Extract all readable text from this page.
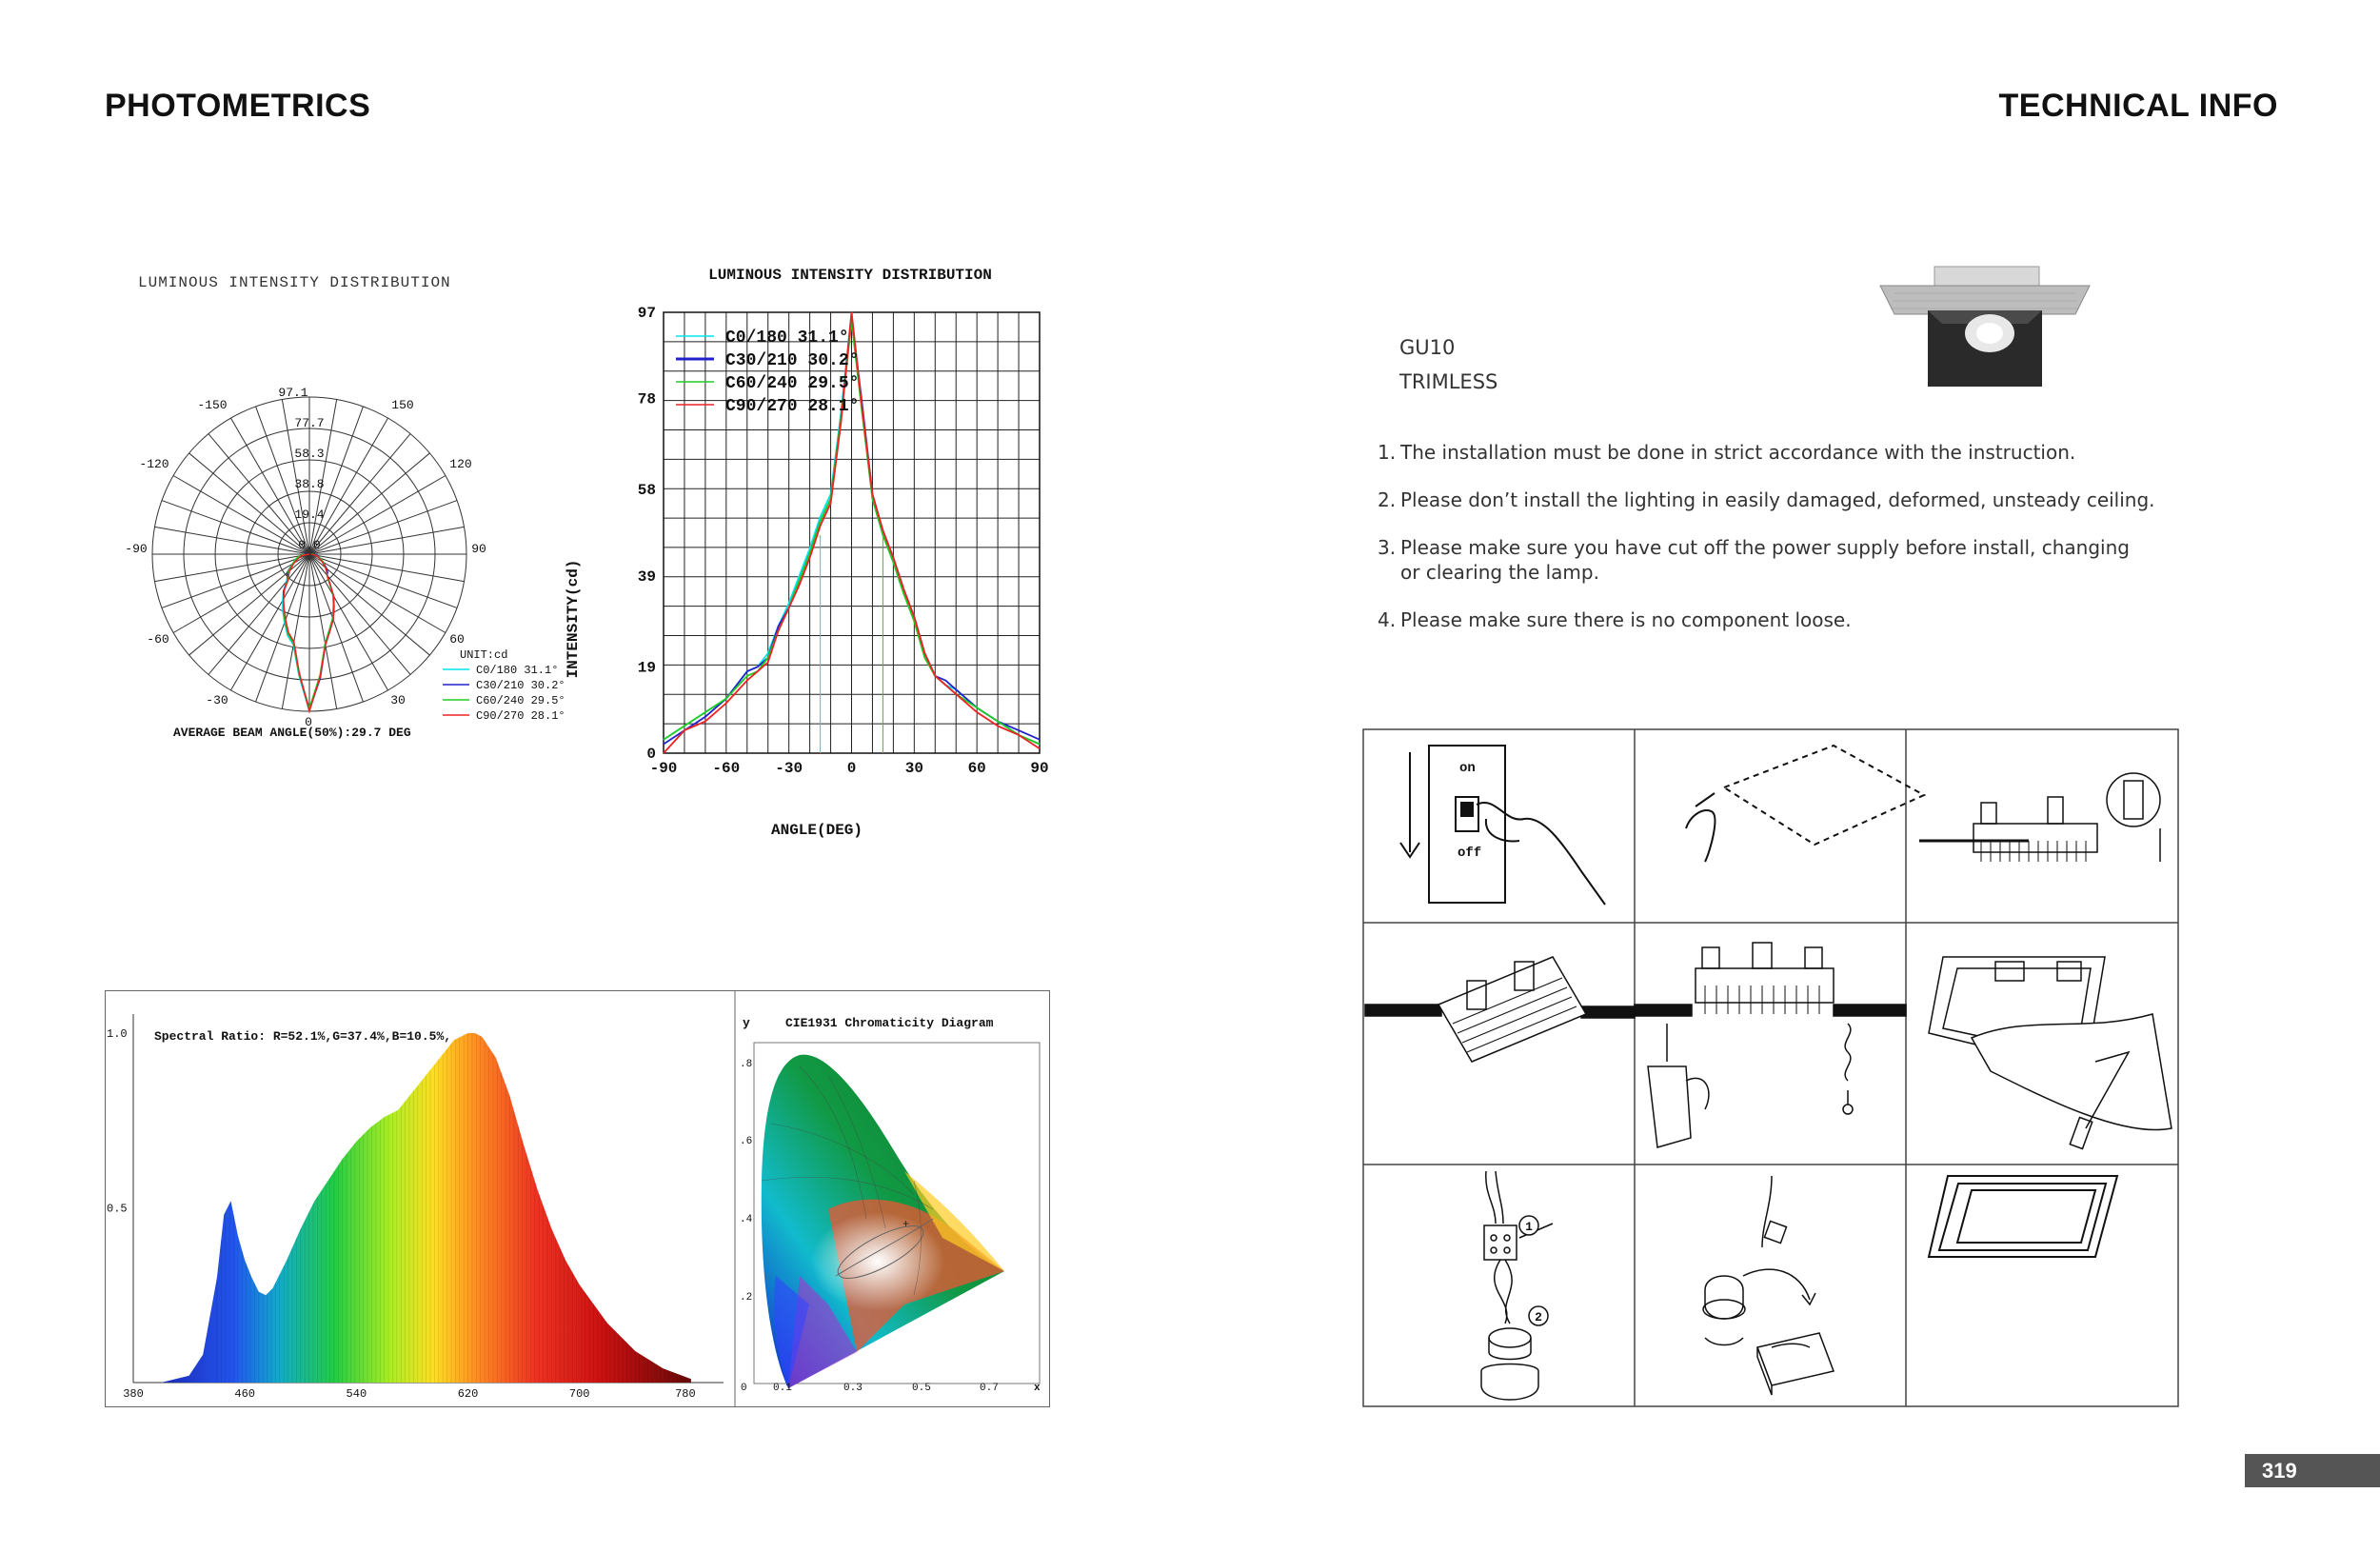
PHOTOMETRICS	TECHNICAL INFO
LUMINOUS INTENSITY DISTRIBUTION
97.1
77.7
58.3
38.8
19.4
0.0
-150	150
-120	120
-90	90
-60	60
-30	30
0
UNIT:cd
C0/180 31.1°
C30/210 30.2°
C60/240 29.5°
C90/270 28.1°
AVERAGE BEAM ANGLE(50%):29.7 DEG
LUMINOUS INTENSITY DISTRIBUTION
-90 -60 -30	0	30	60	90
0
19
39
58
78
97
INTENSITY(cd)
ANGLE(DEG)
C0/180 31.1°
C30/210 30.2°
C60/240 29.5°
C90/270 28.1°
Spectral Ratio: R=52.1%,G=37.4%,B=10.5%,
380	460	540	620	700	780
1.0
0.5
y	CIE1931 Chromaticity Diagram
+
.8
.6
.4
.2
0 0.1	0.3	0.5	0.7	x
GU10
TRIMLESS
1. The installation must be done in strict accordance with the instruction.
2. Please don’t install the lighting in easily damaged, deformed, unsteady ceiling.
3. Please make sure you have cut off the power supply before install, changing
or clearing the lamp.
4. Please make sure there is no component loose.
on
off
1
2
319
